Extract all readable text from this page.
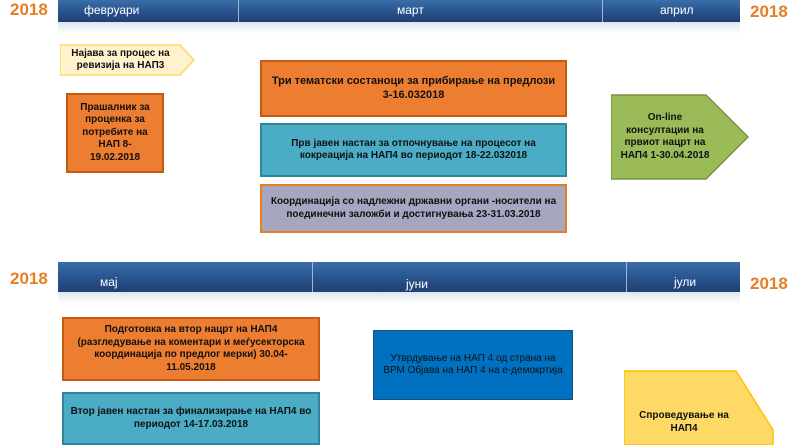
2018	февруари	март	април	2018
Најава за процес на ревизија на НАП3
Прашалник за проценка за потребите на НАП 8-19.02.2018
Три тематски состаноци за прибирање на предлози 3-16.032018
Прв јавен настан за отпочнување на процесот на кокреација на НАП4 во периодот 18-22.032018
Координација со надлежни државни органи -носители на поединечни заложби и достигнувања 23-31.03.2018
On-line консултации на првиот нацрт на НАП4 1-30.04.2018
2018	мај	јуни	јули	2018
Подготовка на втор нацрт на НАП4 (разгледување на коментари и меѓусекторска координација по предлог мерки) 30.04-11.05.2018
Втор јавен настан за финализирање на НАП4 во периодот 14-17.03.2018
Утврдување на НАП 4 од страна на ВРМ Објава на НАП 4 на е-демокртија
Спроведување на НАП4
